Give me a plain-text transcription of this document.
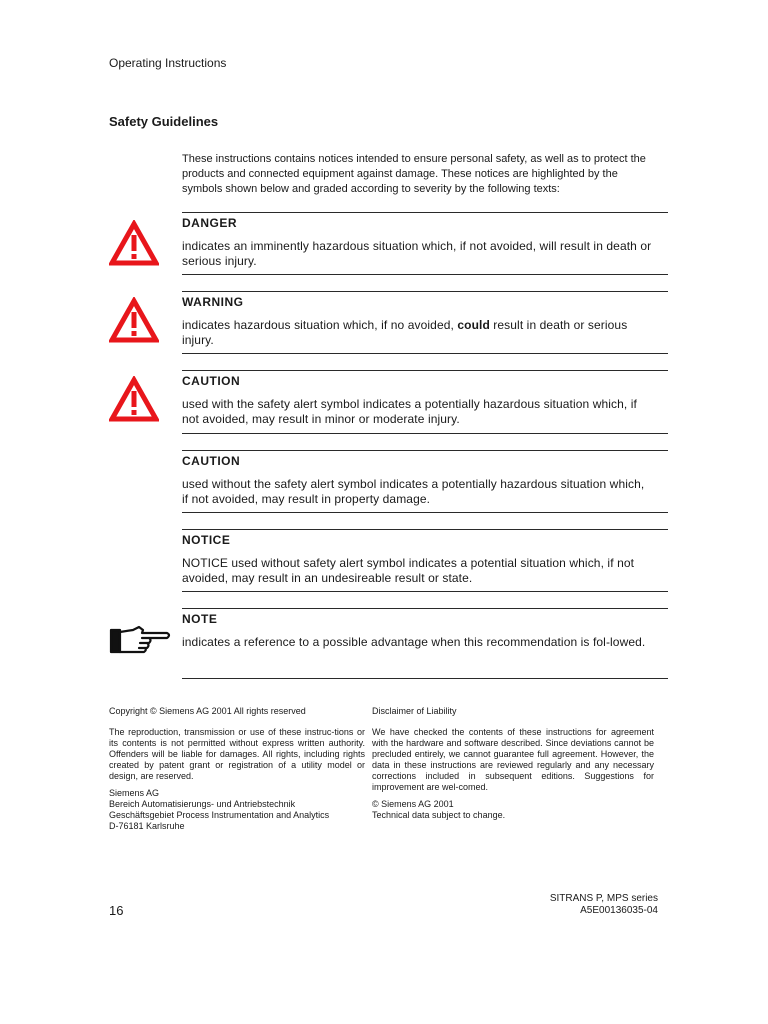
Operating Instructions
Safety Guidelines
These instructions contains notices intended to ensure personal safety, as well as to protect the products and connected equipment against damage. These notices are highlighted by the symbols shown below and graded according to severity by the following texts:
DANGER
indicates an imminently hazardous situation which, if not avoided, will result in death or serious injury.
WARNING
indicates hazardous situation which, if no avoided, could result in death or serious injury.
CAUTION
used with the safety alert symbol indicates a potentially hazardous situation which, if not avoided, may result in minor or moderate injury.
CAUTION
used without the safety alert symbol indicates a potentially hazardous situation which, if not avoided, may result in property damage.
NOTICE
NOTICE used without safety alert symbol indicates a potential situation which, if not avoided, may result in an undesireable result or state.
NOTE
indicates a reference to a possible advantage when this recommendation is fol-lowed.

Copyright © Siemens AG 2001 All rights reserved

The reproduction, transmission or use of these instruc-tions or its contents is not permitted without express written authority. Offenders will be liable for damages. All rights, including rights created by patent grant or registration of a utility model or design, are reserved.

Siemens AG

Bereich Automatisierungs- und Antriebstechnik

Geschäftsgebiet Process Instrumentation and Analytics

D-76181 Karlsruhe

Disclaimer of Liability

We have checked the contents of these instructions for agreement with the hardware and software described. Since deviations cannot be precluded entirely, we cannot guarantee full agreement. However, the data in these instructions are reviewed regularly and any necessary corrections included in subsequent editions. Suggestions for improvement are wel-comed.

© Siemens AG 2001

Technical data subject to change.

SITRANS P, MPS series
A5E00136035-04
16
